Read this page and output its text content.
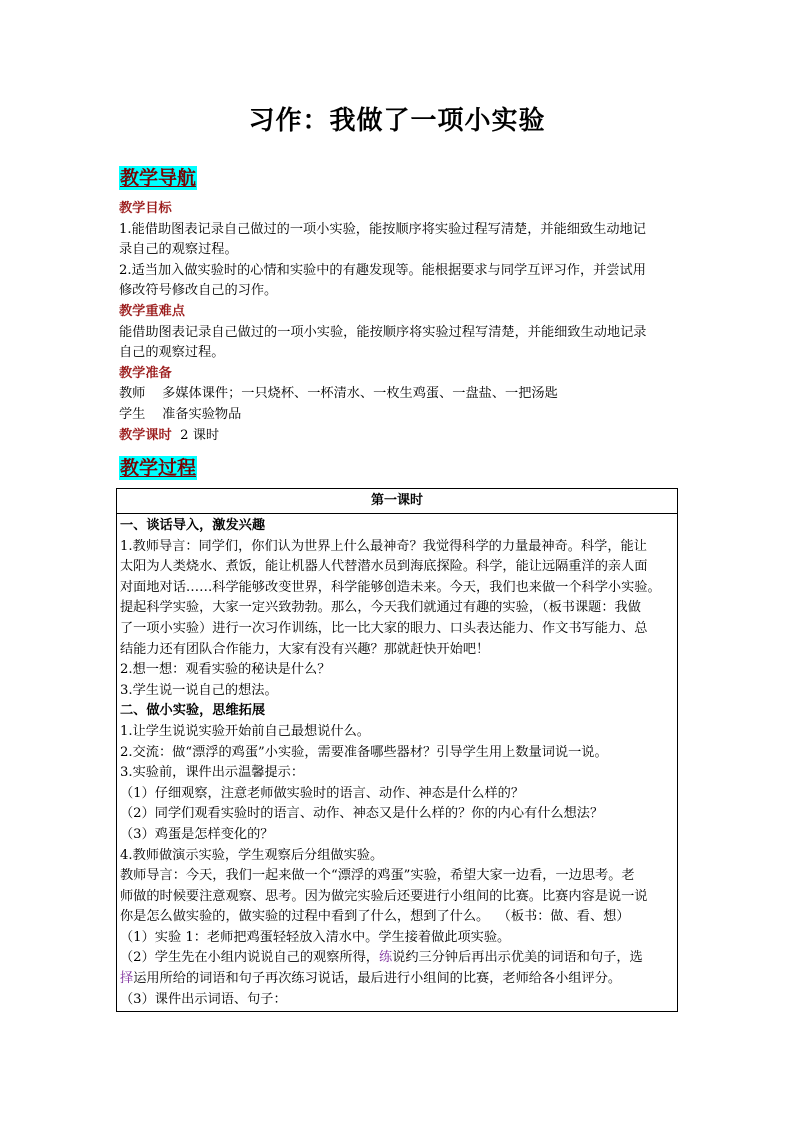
习作：我做了一项小实验
教学导航
教学目标
1.能借助图表记录自己做过的一项小实验，能按顺序将实验过程写清楚，并能细致生动地记
录自己的观察过程。
2.适当加入做实验时的心情和实验中的有趣发现等。能根据要求与同学互评习作，并尝试用
修改符号修改自己的习作。
教学重难点
能借助图表记录自己做过的一项小实验，能按顺序将实验过程写清楚，并能细致生动地记录
自己的观察过程。
教学准备
教师    多媒体课件；一只烧杯、一杯清水、一枚生鸡蛋、一盘盐、一把汤匙
学生    准备实验物品
教学课时  2 课时
教学过程
第一课时
一、谈话导入，激发兴趣
1.教师导言：同学们，你们认为世界上什么最神奇？我觉得科学的力量最神奇。科学，能让
太阳为人类烧水、煮饭，能让机器人代替潜水员到海底探险。科学，能让远隔重洋的亲人面
对面地对话……科学能够改变世界，科学能够创造未来。今天，我们也来做一个科学小实验。
提起科学实验，大家一定兴致勃勃。那么，今天我们就通过有趣的实验，（板书课题：我做
了一项小实验）进行一次习作训练，比一比大家的眼力、口头表达能力、作文书写能力、总
结能力还有团队合作能力，大家有没有兴趣？那就赶快开始吧！
2.想一想：观看实验的秘诀是什么？
3.学生说一说自己的想法。
二、做小实验，思维拓展
1.让学生说说实验开始前自己最想说什么。
2.交流：做“漂浮的鸡蛋”小实验，需要准备哪些器材？引导学生用上数量词说一说。
3.实验前，课件出示温馨提示：
（1）仔细观察，注意老师做实验时的语言、动作、神态是什么样的？
（2）同学们观看实验时的语言、动作、神态又是什么样的？你的内心有什么想法？
（3）鸡蛋是怎样变化的？
4.教师做演示实验，学生观察后分组做实验。
教师导言：今天，我们一起来做一个“漂浮的鸡蛋”实验，希望大家一边看，一边思考。老
师做的时候要注意观察、思考。因为做完实验后还要进行小组间的比赛。比赛内容是说一说
你是怎么做实验的，做实验的过程中看到了什么，想到了什么。  （板书：做、看、想）
（1）实验 1：老师把鸡蛋轻轻放入清水中。学生接着做此项实验。
（2）学生先在小组内说说自己的观察所得，练说约三分钟后再出示优美的词语和句子，选
择运用所给的词语和句子再次练习说话，最后进行小组间的比赛，老师给各小组评分。
（3）课件出示词语、句子：
